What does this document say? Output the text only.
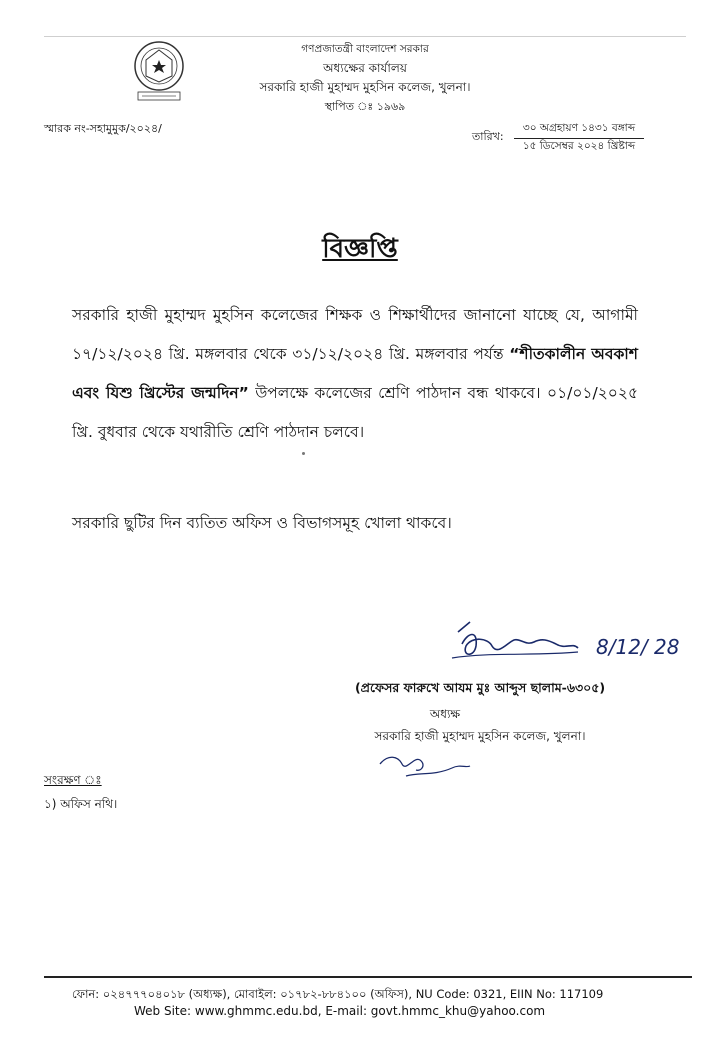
গণপ্রজাতন্ত্রী বাংলাদেশ সরকার
অধ্যক্ষের কার্যালয়
সরকারি হাজী মুহাম্মদ মুহসিন কলেজ, খুলনা।
স্থাপিত ঃ ১৯৬৯
স্মারক নং-সহামুমুক/২০২৪/
তারিখ:
৩০ অগ্রহায়ণ ১৪৩১ বঙ্গাব্দ
১৫ ডিসেম্বর ২০২৪ খ্রিষ্টাব্দ
বিজ্ঞপ্তি

সরকারি হাজী মুহাম্মদ মুহসিন কলেজের শিক্ষক ও শিক্ষার্থীদের জানানো যাচ্ছে যে, আগামী ১৭/১২/২০২৪ খ্রি. মঙ্গলবার থেকে ৩১/১২/২০২৪ খ্রি. মঙ্গলবার পর্যন্ত “শীতকালীন অবকাশ এবং যিশু খ্রিস্টের জন্মদিন” উপলক্ষে কলেজের শ্রেণি পাঠদান বন্ধ থাকবে। ০১/০১/২০২৫ খ্রি. বুধবার থেকে যথারীতি শ্রেণি পাঠদান চলবে।

সরকারি ছুটির দিন ব্যতিত অফিস ও বিভাগসমূহ খোলা থাকবে।
8/12/ 28
(প্রফেসর ফারুখে আযম মুঃ আব্দুস ছালাম-৬৩০৫)
অধ্যক্ষ
সরকারি হাজী মুহাম্মদ মুহসিন কলেজ, খুলনা।
সংরক্ষণ ঃ
১) অফিস নথি।
ফোন: ০২৪৭৭৭০৪০১৮ (অধ্যক্ষ), মোবাইল: ০১৭৮২-৮৮৪১০০ (অফিস), NU Code: 0321, EIIN No: 117109
Web Site: www.ghmmc.edu.bd, E-mail: govt.hmmc_khu@yahoo.com
